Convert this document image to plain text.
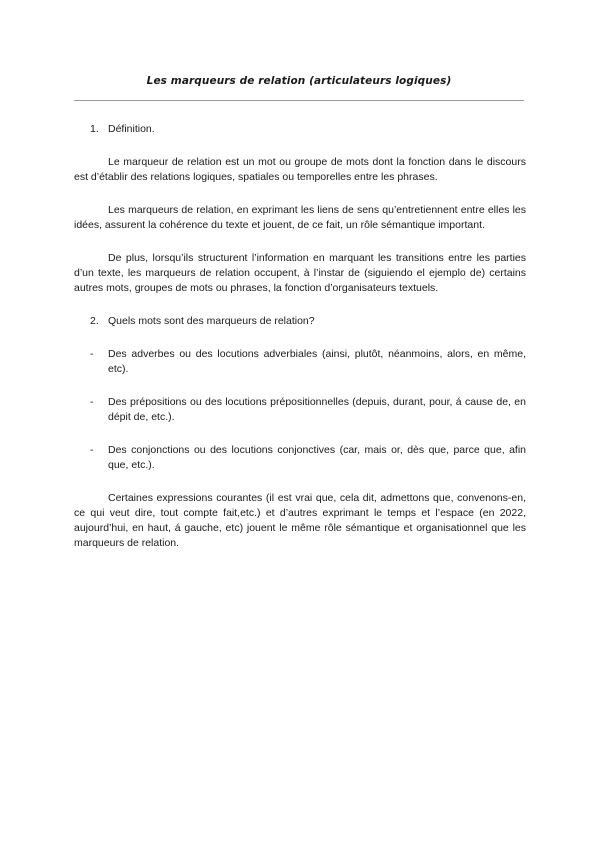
Les marqueurs de relation (articulateurs logiques)

1. Définition.

Le marqueur de relation est un mot ou groupe de mots dont la fonction dans le discours est d’établir des relations logiques, spatiales ou temporelles entre les phrases.

Les marqueurs de relation, en exprimant les liens de sens qu’entretiennent entre elles les idées, assurent la cohérence du texte et jouent, de ce fait, un rôle sémantique important.

De plus, lorsqu’ils structurent l’information en marquant les transitions entre les parties d’un texte, les marqueurs de relation occupent, à l’instar de (siguiendo el ejemplo de) certains autres mots, groupes de mots ou phrases, la fonction d’organisateurs textuels.

2. Quels mots sont des marqueurs de relation?

- Des adverbes ou des locutions adverbiales (ainsi, plutôt, néanmoins, alors, en même, etc).

- Des prépositions ou des locutions prépositionnelles (depuis, durant, pour, á cause de, en dépit de, etc.).

- Des conjonctions ou des locutions conjonctives (car, mais or, dès que, parce que, afin que, etc.).

Certaines expressions courantes (il est vrai que, cela dit, admettons que, convenons-en, ce qui veut dire, tout compte fait,etc.) et d’autres exprimant le temps et l’espace (en 2022, aujourd’hui, en haut, á gauche, etc) jouent le même rôle sémantique et organisationnel que les marqueurs de relation.
